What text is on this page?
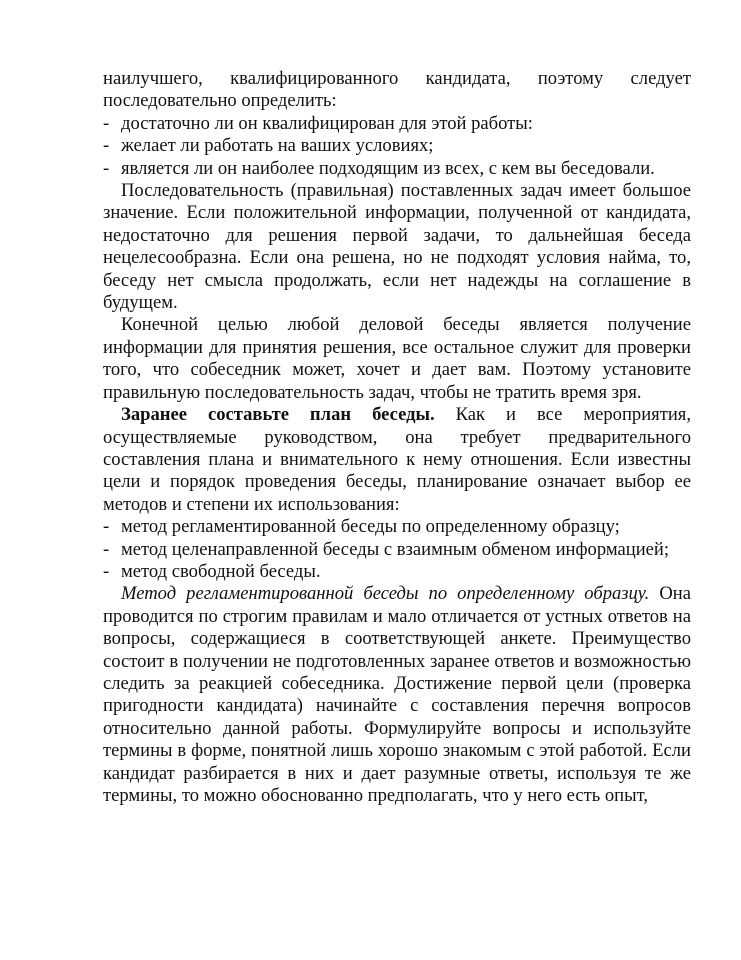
наилучшего, квалифицированного кандидата, поэтому следует последовательно определить:

- достаточно ли он квалифицирован для этой работы:

- желает ли работать на ваших условиях;

- является ли он наиболее подходящим из всех, с кем вы беседовали.

Последовательность (правильная) поставленных задач имеет большое значение. Если положительной информации, полученной от кандидата, недостаточно для решения первой задачи, то дальнейшая беседа нецелесообразна. Если она решена, но не подходят условия найма, то, беседу нет смысла продолжать, если нет надежды на соглашение в будущем.

Конечной целью любой деловой беседы является получение информации для принятия решения, все остальное служит для проверки того, что собеседник может, хочет и дает вам. Поэтому установите правильную последовательность задач, чтобы не тратить время зря.

Заранее составьте план беседы. Как и все мероприятия, осуществляемые руководством, она требует предварительного составления плана и внимательного к нему отношения. Если известны цели и порядок проведения беседы, планирование означает выбор ее методов и степени их использования:

- метод регламентированной беседы по определенному образцу;

- метод целенаправленной беседы с взаимным обменом информацией;

- метод свободной беседы.

Метод регламентированной беседы по определенному образцу. Она проводится по строгим правилам и мало отличается от устных ответов на вопросы, содержащиеся в соответствующей анкете. Преимущество состоит в получении не подготовленных заранее ответов и возможностью следить за реакцией собеседника. Достижение первой цели (проверка пригодности кандидата) начинайте с составления перечня вопросов относительно данной работы. Формулируйте вопросы и используйте термины в форме, понятной лишь хорошо знакомым с этой работой. Если кандидат разбирается в них и дает разумные ответы, используя те же термины, то можно обоснованно предполагать, что у него есть опыт,
